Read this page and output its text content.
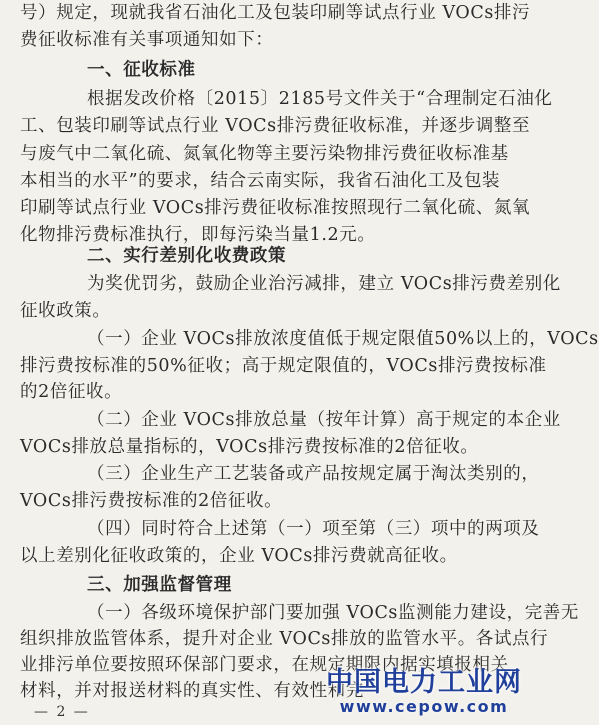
号）规定，现就我省石油化工及包装印刷等试点行业 VOCs排污
费征收标准有关事项通知如下：
一、征收标准
根据发改价格〔2015〕2185号文件关于“合理制定石油化
工、包装印刷等试点行业 VOCs排污费征收标准，并逐步调整至
与废气中二氧化硫、氮氧化物等主要污染物排污费征收标准基
本相当的水平”的要求，结合云南实际，我省石油化工及包装
印刷等试点行业 VOCs排污费征收标准按照现行二氧化硫、氮氧
化物排污费标准执行，即每污染当量1.2元。
二、实行差别化收费政策
为奖优罚劣，鼓励企业治污减排，建立 VOCs排污费差别化
征收政策。
（一）企业 VOCs排放浓度值低于规定限值50%以上的，VOCs
排污费按标准的50%征收；高于规定限值的，VOCs排污费按标准
的2倍征收。
（二）企业 VOCs排放总量（按年计算）高于规定的本企业
VOCs排放总量指标的，VOCs排污费按标准的2倍征收。
（三）企业生产工艺装备或产品按规定属于淘汰类别的，
VOCs排污费按标准的2倍征收。
（四）同时符合上述第（一）项至第（三）项中的两项及
以上差别化征收政策的，企业 VOCs排污费就高征收。
三、加强监督管理
（一）各级环境保护部门要加强 VOCs监测能力建设，完善无
组织排放监管体系，提升对企业 VOCs排放的监管水平。各试点行
业排污单位要按照环保部门要求，在规定期限内据实填报相关
材料，并对报送材料的真实性、有效性和完
— 2 —
中国电力工业网
www.cepow.com
